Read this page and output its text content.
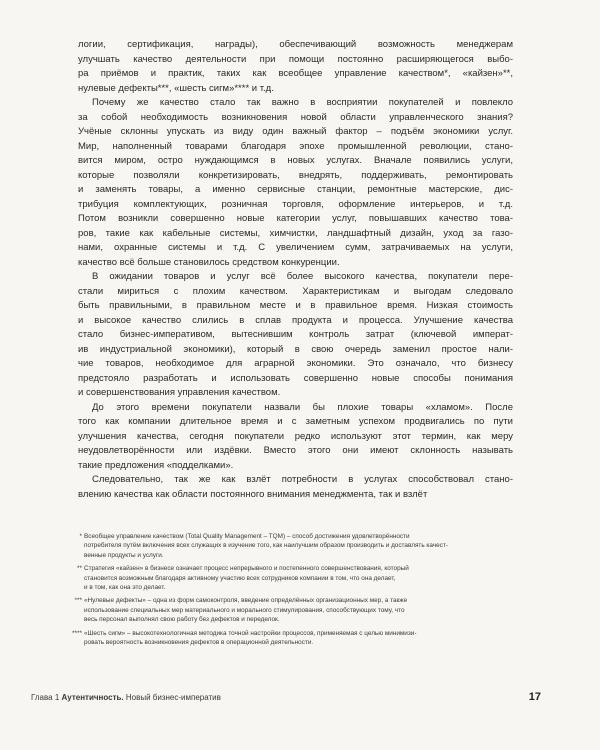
логии, сертификация, награды), обеспечивающий возможность менеджерам
улучшать качество деятельности при помощи постоянно расширяющегося выбо-
ра приёмов и практик, таких как всеобщее управление качеством*, «кайзен»**,
нулевые дефекты***, «шесть сигм»**** и т.д.
Почему же качество стало так важно в восприятии покупателей и повлекло
за собой необходимость возникновения новой области управленческого знания?
Учёные склонны упускать из виду один важный фактор – подъём экономики услуг.
Мир, наполненный товарами благодаря эпохе промышленной революции, стано-
вится миром, остро нуждающимся в новых услугах. Вначале появились услуги,
которые позволяли конкретизировать, внедрять, поддерживать, ремонтировать
и заменять товары, а именно сервисные станции, ремонтные мастерские, дис-
трибуция комплектующих, розничная торговля, оформление интерьеров, и т.д.
Потом возникли совершенно новые категории услуг, повышавших качество това-
ров, такие как кабельные системы, химчистки, ландшафтный дизайн, уход за газо-
нами, охранные системы и т.д. С увеличением сумм, затрачиваемых на услуги,
качество всё больше становилось средством конкуренции.
В ожидании товаров и услуг всё более высокого качества, покупатели пере-
стали мириться с плохим качеством. Характеристикам и выгодам следовало
быть правильными, в правильном месте и в правильное время. Низкая стоимость
и высокое качество слились в сплав продукта и процесса. Улучшение качества
стало бизнес-императивом, вытеснившим контроль затрат (ключевой императ-
ив индустриальной экономики), который в свою очередь заменил простое нали-
чие товаров, необходимое для аграрной экономики. Это означало, что бизнесу
предстояло разработать и использовать совершенно новые способы понимания
и совершенствования управления качеством.
До этого времени покупатели назвали бы плохие товары «хламом». После
того как компании длительное время и с заметным успехом продвигались по пути
улучшения качества, сегодня покупатели редко используют этот термин, как меру
неудовлетворённости или издёвки. Вместо этого они имеют склонность называть
такие предложения «подделками».
Следовательно, так же как взлёт потребности в услугах способствовал стано-
влению качества как области постоянного внимания менеджмента, так и взлёт
* Всеобщее управление качеством (Total Quality Management – TQM) – способ достижения удовлетворённости
потребителя путём включения всех служащих в изучение того, как наилучшим образом производить и доставлять качест-
венные продукты и услуги.
** Стратегия «кайзен» в бизнесе означает процесс непрерывного и постепенного совершенствования, который
становится возможным благодаря активному участию всех сотрудников компании в том, что она делает,
и в том, как она это делает.
*** «Нулевые дефекты» – одна из форм самоконтроля, введение определённых организационных мер, а также
использование специальных мер материального и морального стимулирования, способствующих тому, что
весь персонал выполнял свою работу без дефектов и переделок.
**** «Шесть сигм» – высокотехнологичная методика точной настройки процессов, применяемая с целью минимизи-
ровать вероятность возникновения дефектов в операционной деятельности.
Глава 1 Аутентичность. Новый бизнес-императив	17
